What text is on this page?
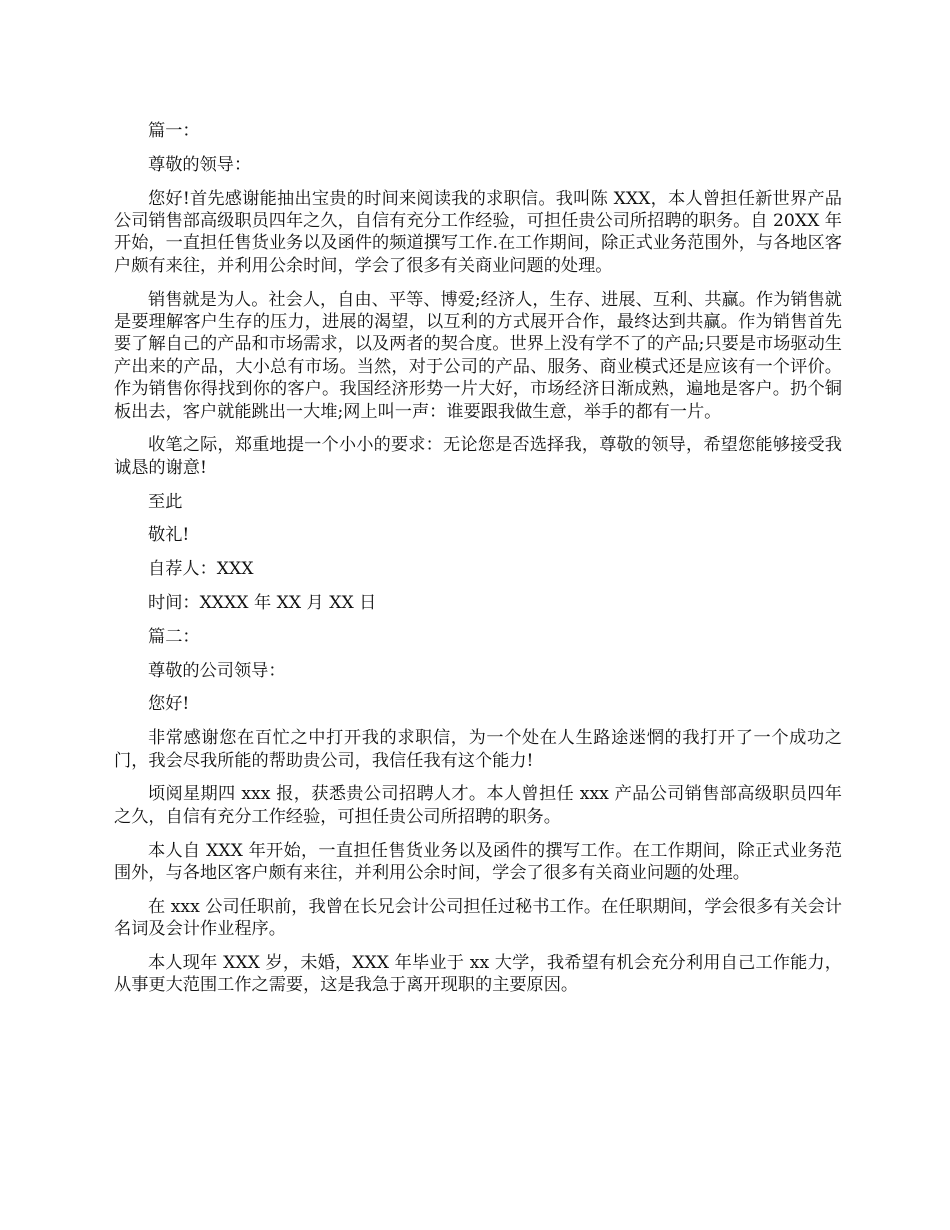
篇一：

尊敬的领导：

您好!首先感谢能抽出宝贵的时间来阅读我的求职信。我叫陈 XXX，本人曾担任新世界产品公司销售部高级职员四年之久，自信有充分工作经验，可担任贵公司所招聘的职务。自 20XX 年开始，一直担任售货业务以及函件的频道撰写工作.在工作期间，除正式业务范围外，与各地区客户颇有来往，并利用公余时间，学会了很多有关商业问题的处理。

销售就是为人。社会人，自由、平等、博爱;经济人，生存、进展、互利、共赢。作为销售就是要理解客户生存的压力，进展的渴望，以互利的方式展开合作，最终达到共赢。作为销售首先要了解自己的产品和市场需求，以及两者的契合度。世界上没有学不了的产品;只要是市场驱动生产出来的产品，大小总有市场。当然，对于公司的产品、服务、商业模式还是应该有一个评价。作为销售你得找到你的客户。我国经济形势一片大好，市场经济日渐成熟，遍地是客户。扔个铜板出去，客户就能跳出一大堆;网上叫一声：谁要跟我做生意，举手的都有一片。

收笔之际，郑重地提一个小小的要求：无论您是否选择我，尊敬的领导，希望您能够接受我诚恳的谢意!

至此

敬礼!

自荐人：XXX

时间：XXXX 年 XX 月 XX 日

篇二：

尊敬的公司领导：

您好!

非常感谢您在百忙之中打开我的求职信，为一个处在人生路途迷惘的我打开了一个成功之门，我会尽我所能的帮助贵公司，我信任我有这个能力!

顷阅星期四 xxx 报，获悉贵公司招聘人才。本人曾担任 xxx 产品公司销售部高级职员四年之久，自信有充分工作经验，可担任贵公司所招聘的职务。

本人自 XXX 年开始，一直担任售货业务以及函件的撰写工作。在工作期间，除正式业务范围外，与各地区客户颇有来往，并利用公余时间，学会了很多有关商业问题的处理。

在 xxx 公司任职前，我曾在长兄会计公司担任过秘书工作。在任职期间，学会很多有关会计名词及会计作业程序。

本人现年 XXX 岁，未婚，XXX 年毕业于 xx 大学，我希望有机会充分利用自己工作能力，从事更大范围工作之需要，这是我急于离开现职的主要原因。
